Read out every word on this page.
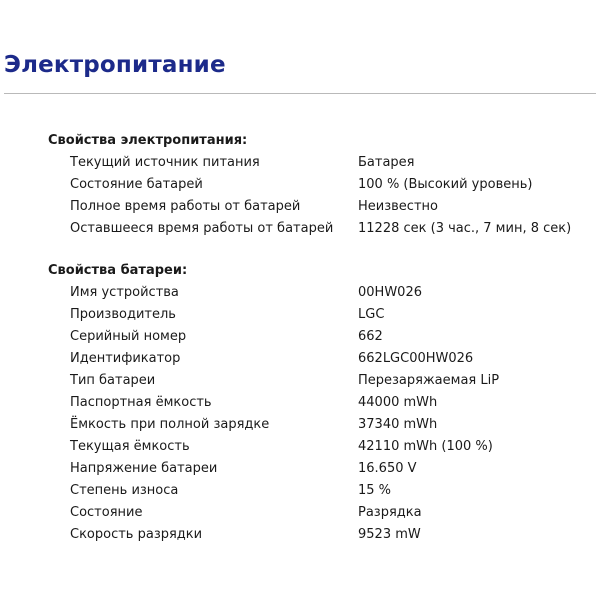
Электропитание
Свойства электропитания:
Текущий источник питания	Батарея
Состояние батарей	100 % (Высокий уровень)
Полное время работы от батарей	Неизвестно
Оставшееся время работы от батарей	11228 сек (3 час., 7 мин, 8 сек)
Свойства батареи:
Имя устройства	00HW026
Производитель	LGC
Серийный номер	662
Идентификатор	662LGC00HW026
Тип батареи	Перезаряжаемая LiP
Паспортная ёмкость	44000 mWh
Ёмкость при полной зарядке	37340 mWh
Текущая ёмкость	42110 mWh (100 %)
Напряжение батареи	16.650 V
Степень износа	15 %
Состояние	Разрядка
Скорость разрядки	9523 mW
